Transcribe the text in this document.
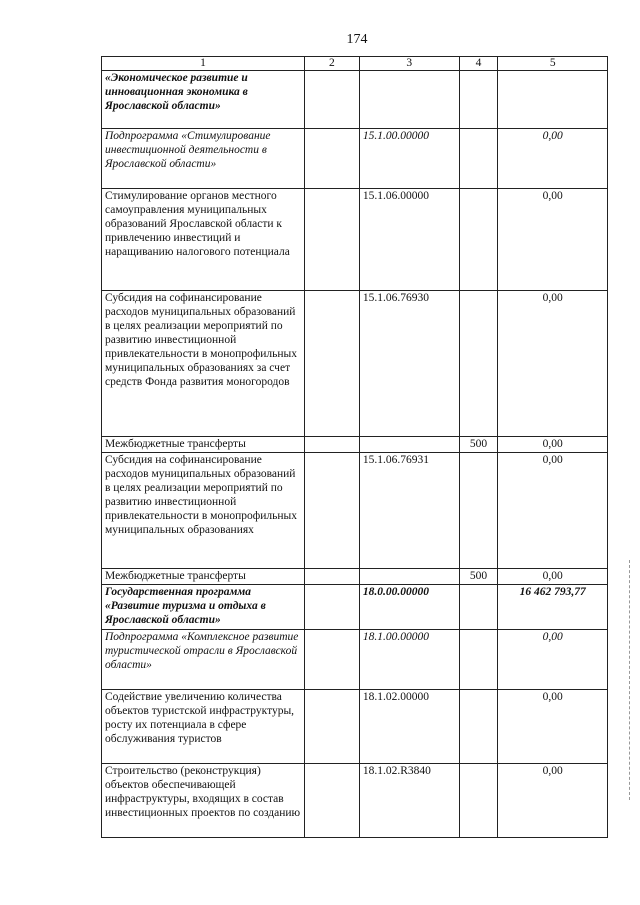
174
1	2	3	4	5
«Экономическое развитие и инновационная экономика в Ярославской области»				
Подпрограмма «Стимулирование инвестиционной деятельности в Ярославской области»		15.1.00.00000		0,00
Стимулирование органов местного самоуправления муниципальных образований Ярославской области к привлечению инвестиций и наращиванию налогового потенциала		15.1.06.00000		0,00
Субсидия на софинансирование расходов муниципальных образований в целях реализации мероприятий по развитию инвестиционной привлекательности в монопрофильных муниципальных образованиях за счет средств Фонда развития моногородов		15.1.06.76930		0,00
Межбюджетные трансферты			500	0,00
Субсидия на софинансирование расходов муниципальных образований в целях реализации мероприятий по развитию инвестиционной привлекательности в монопрофильных муниципальных образованиях		15.1.06.76931		0,00
Межбюджетные трансферты			500	0,00
Государственная программа «Развитие туризма и отдыха в Ярославской области»		18.0.00.00000		16 462 793,77
Подпрограмма «Комплексное развитие туристической отрасли в Ярославской области»		18.1.00.00000		0,00
Содействие увеличению количества объектов туристской инфраструктуры, росту их потенциала в сфере обслуживания туристов		18.1.02.00000		0,00
Строительство (реконструкция) объектов обеспечивающей инфраструктуры, входящих в состав инвестиционных проектов по созданию		18.1.02.R3840		0,00
